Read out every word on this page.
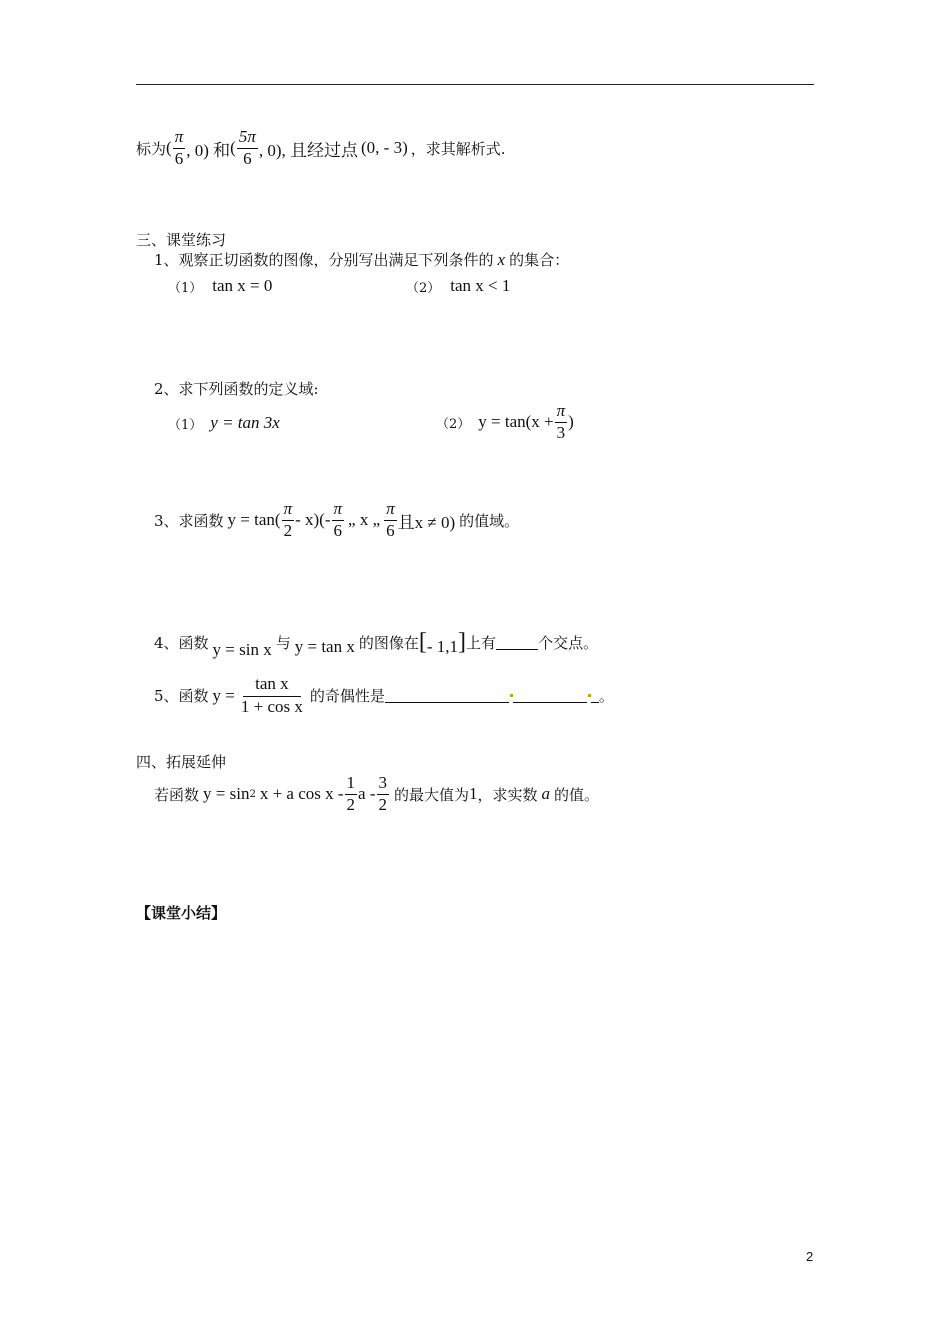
标为 ( $\frac{\pi}{6}$ , 0) 和 ( $\frac{5\pi}{6}$ , 0), 且经过点 (0, - 3) ，求其解析式.
三、课堂练习
1、观察正切函数的图像，分别写出满足下列条件的 x 的集合：
（1） tan x = 0	（2） tan x < 1
2、求下列函数的定义域:
（1） y = tan 3x	（2） $y = \tan(x + \frac{\pi}{3}$ )
3、求函数 $y = \tan( \frac{\pi}{2} - x)(- \frac{\pi}{6}$ „ x „ $\frac{\pi}{6}$ 且x ≠ 0) 的值域。
4、函数 y = sin x 与 y = tan x 的图像在 [ - 1,1 ] 上有	个交点。
5、函数 $y = \frac{\text{tan x}}{\text{1 + cos x}}$ 的奇偶性是	。
四、拓展延伸
若函数 y = sin 2 x + a cos x - $\frac{1}{2}$ a - $\frac{3}{2}$ 的最大值为 1 ，求实数 a 的值。
【课堂小结】
2
